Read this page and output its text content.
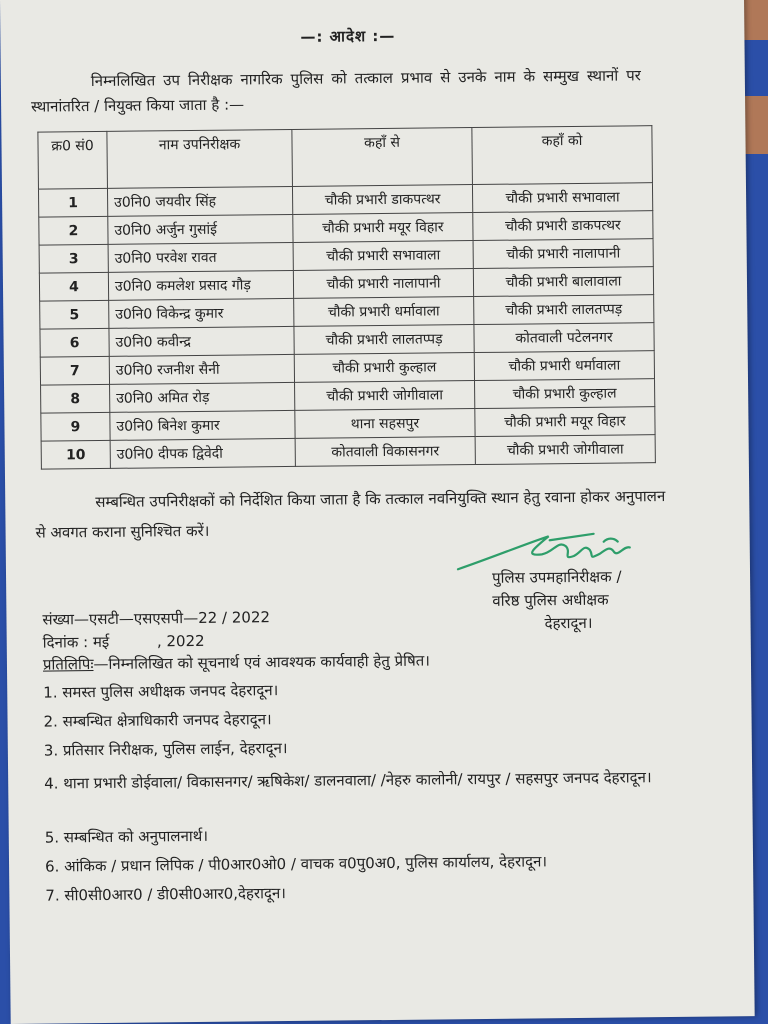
—: आदेश :—
निम्नलिखित उप निरीक्षक नागरिक पुलिस को तत्काल प्रभाव से उनके नाम के सम्मुख स्थानों पर स्थानांतरित / नियुक्त किया जाता है :—
क्र0 सं0	नाम उपनिरीक्षक	कहाँ से	कहाँ को
1	उ0नि0 जयवीर सिंह	चौकी प्रभारी डाकपत्थर	चौकी प्रभारी सभावाला
2	उ0नि0 अर्जुन गुसांई	चौकी प्रभारी मयूर विहार	चौकी प्रभारी डाकपत्थर
3	उ0नि0 परवेश रावत	चौकी प्रभारी सभावाला	चौकी प्रभारी नालापानी
4	उ0नि0 कमलेश प्रसाद गौड़	चौकी प्रभारी नालापानी	चौकी प्रभारी बालावाला
5	उ0नि0 विकेन्द्र कुमार	चौकी प्रभारी धर्मावाला	चौकी प्रभारी लालतप्पड़
6	उ0नि0 कवीन्द्र	चौकी प्रभारी लालतप्पड़	कोतवाली पटेलनगर
7	उ0नि0 रजनीश सैनी	चौकी प्रभारी कुल्हाल	चौकी प्रभारी धर्मावाला
8	उ0नि0 अमित रोड़	चौकी प्रभारी जोगीवाला	चौकी प्रभारी कुल्हाल
9	उ0नि0 बिनेश कुमार	थाना सहसपुर	चौकी प्रभारी मयूर विहार
10	उ0नि0 दीपक द्विवेदी	कोतवाली विकासनगर	चौकी प्रभारी जोगीवाला
सम्बन्धित उपनिरीक्षकों को निर्देशित किया जाता है कि तत्काल नवनियुक्ति स्थान हेतु रवाना होकर अनुपालन से अवगत कराना सुनिश्चित करें।
पुलिस उपमहानिरीक्षक /
वरिष्ठ पुलिस अधीक्षक
देहरादून।
संख्या—एसटी—एसएसपी—22 / 2022
दिनांक : मई          , 2022
प्रतिलिपिः—निम्नलिखित को सूचनार्थ एवं आवश्यक कार्यवाही हेतु प्रेषित।
1. समस्त पुलिस अधीक्षक जनपद देहरादून।
2. सम्बन्धित क्षेत्राधिकारी जनपद देहरादून।
3. प्रतिसार निरीक्षक, पुलिस लाईन, देहरादून।
4. थाना प्रभारी डोईवाला/ विकासनगर/ ऋषिकेश/ डालनवाला/ /नेहरु कालोनी/ रायपुर / सहसपुर जनपद देहरादून।
5. सम्बन्धित को अनुपालनार्थ।
6. आंकिक / प्रधान लिपिक / पी0आर0ओ0 / वाचक व0पु0अ0, पुलिस कार्यालय, देहरादून।
7. सी0सी0आर0 / डी0सी0आर0,देहरादून।
